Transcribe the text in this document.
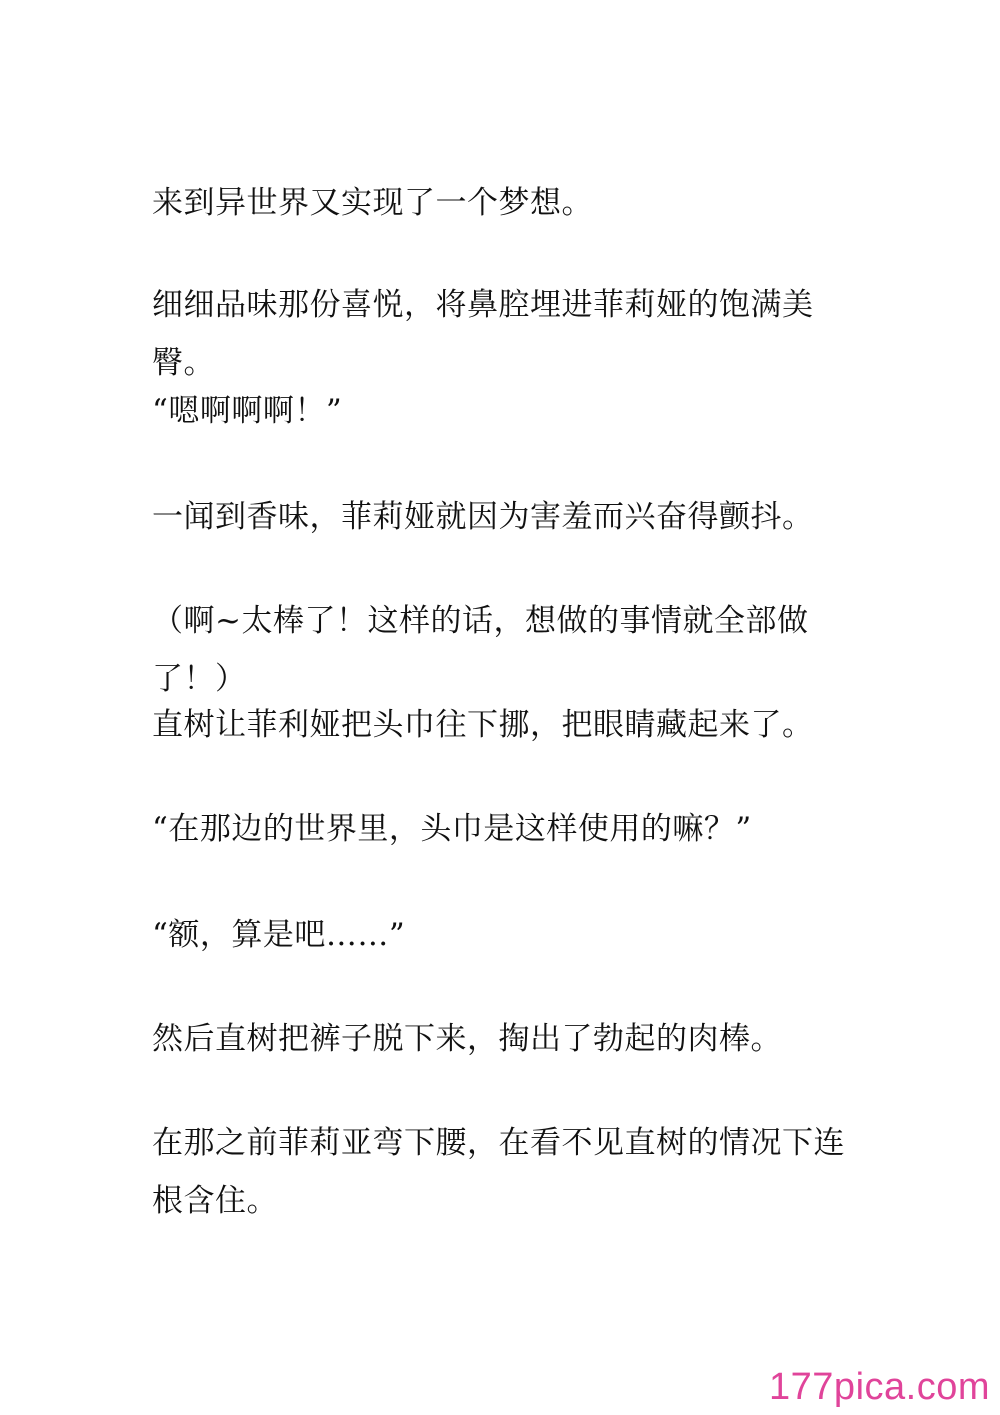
来到异世界又实现了一个梦想。

细细品味那份喜悦，将鼻腔埋进菲莉娅的饱满美臀。

“嗯啊啊啊！”

一闻到香味，菲莉娅就因为害羞而兴奋得颤抖。

（啊~太棒了！这样的话，想做的事情就全部做了！）

直树让菲利娅把头巾往下挪，把眼睛藏起来了。

“在那边的世界里，头巾是这样使用的嘛？”

“额，算是吧……”

然后直树把裤子脱下来，掏出了勃起的肉棒。

在那之前菲莉亚弯下腰，在看不见直树的情况下连根含住。

177pica.com
